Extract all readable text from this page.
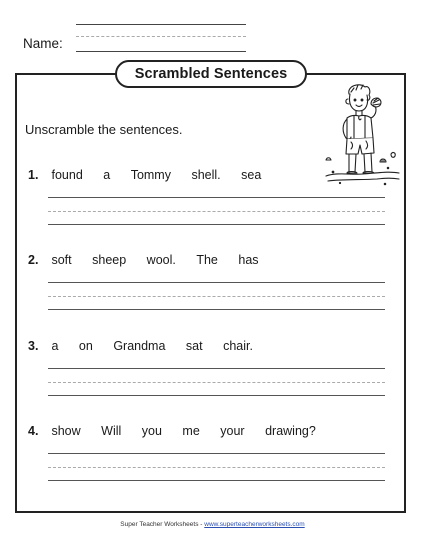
Name:
Scrambled Sentences
Unscramble the sentences.
1. found a Tommy shell. sea
2. soft sheep wool. The has
3. a on Grandma sat chair.
4. show Will you me your drawing?
Super Teacher Worksheets - www.superteacherworksheets.com
